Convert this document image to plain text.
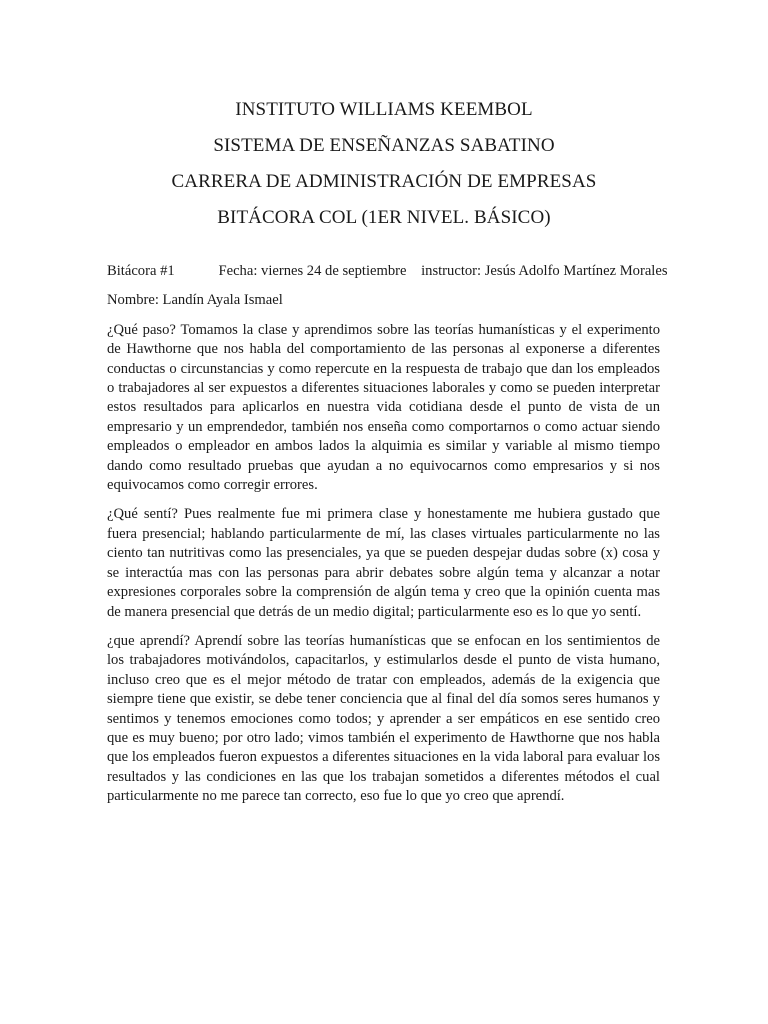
INSTITUTO WILLIAMS KEEMBOL
SISTEMA DE ENSEÑANZAS SABATINO
CARRERA DE ADMINISTRACIÓN DE EMPRESAS
BITÁCORA COL (1ER NIVEL. BÁSICO)
Bitácora #1	Fecha: viernes 24 de septiembre instructor: Jesús Adolfo Martínez Morales
Nombre: Landín Ayala Ismael

¿Qué paso? Tomamos la clase y aprendimos sobre las teorías humanísticas y el experimento de Hawthorne que nos habla del comportamiento de las personas al exponerse a diferentes conductas o circunstancias y como repercute en la respuesta de trabajo que dan los empleados o trabajadores al ser expuestos a diferentes situaciones laborales y como se pueden interpretar estos resultados para aplicarlos en nuestra vida cotidiana desde el punto de vista de un empresario y un emprendedor, también nos enseña como comportarnos o como actuar siendo empleados o empleador en ambos lados la alquimia es similar y variable al mismo tiempo dando como resultado pruebas que ayudan a no equivocarnos como empresarios y si nos equivocamos como corregir errores.

¿Qué sentí? Pues realmente fue mi primera clase y honestamente me hubiera gustado que fuera presencial; hablando particularmente de mí, las clases virtuales particularmente no las ciento tan nutritivas como las presenciales, ya que se pueden despejar dudas sobre (x) cosa y se interactúa mas con las personas para abrir debates sobre algún tema y alcanzar a notar expresiones corporales sobre la comprensión de algún tema y creo que la opinión cuenta mas de manera presencial que detrás de un medio digital; particularmente eso es lo que yo sentí.

¿que aprendí? Aprendí sobre las teorías humanísticas que se enfocan en los sentimientos de los trabajadores motivándolos, capacitarlos, y estimularlos desde el punto de vista humano, incluso creo que es el mejor método de tratar con empleados, además de la exigencia que siempre tiene que existir, se debe tener conciencia que al final del día somos seres humanos y sentimos y tenemos emociones como todos; y aprender a ser empáticos en ese sentido creo que es muy bueno; por otro lado; vimos también el experimento de Hawthorne que nos habla que los empleados fueron expuestos a diferentes situaciones en la vida laboral para evaluar los resultados y las condiciones en las que los trabajan sometidos a diferentes métodos el cual particularmente no me parece tan correcto, eso fue lo que yo creo que aprendí.
